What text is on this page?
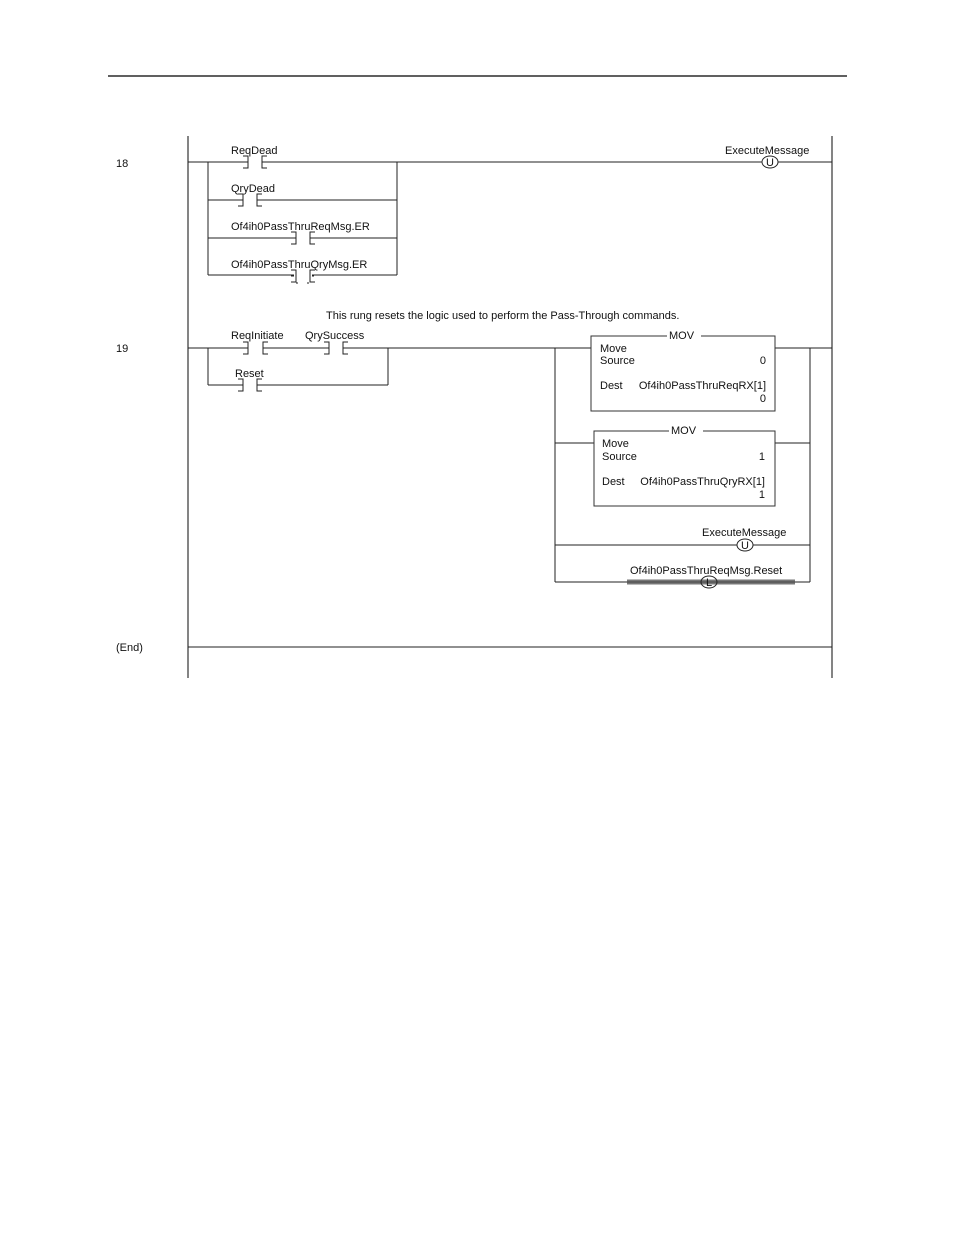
18
ReqDead
QryDead
Of4ih0PassThruReqMsg.ER
Of4ih0PassThruQryMsg.ER
U
ExecuteMessage
This rung resets the logic used to perform the Pass-Through commands.
19
ReqInitiate QrySuccess
Reset
MOV
Move
Source	0
Dest Of4ih0PassThruReqRX[1]
0
MOV
Move
Source	1
Dest Of4ih0PassThruQryRX[1]
1
U
ExecuteMessage
L
Of4ih0PassThruReqMsg.Reset
(End)
